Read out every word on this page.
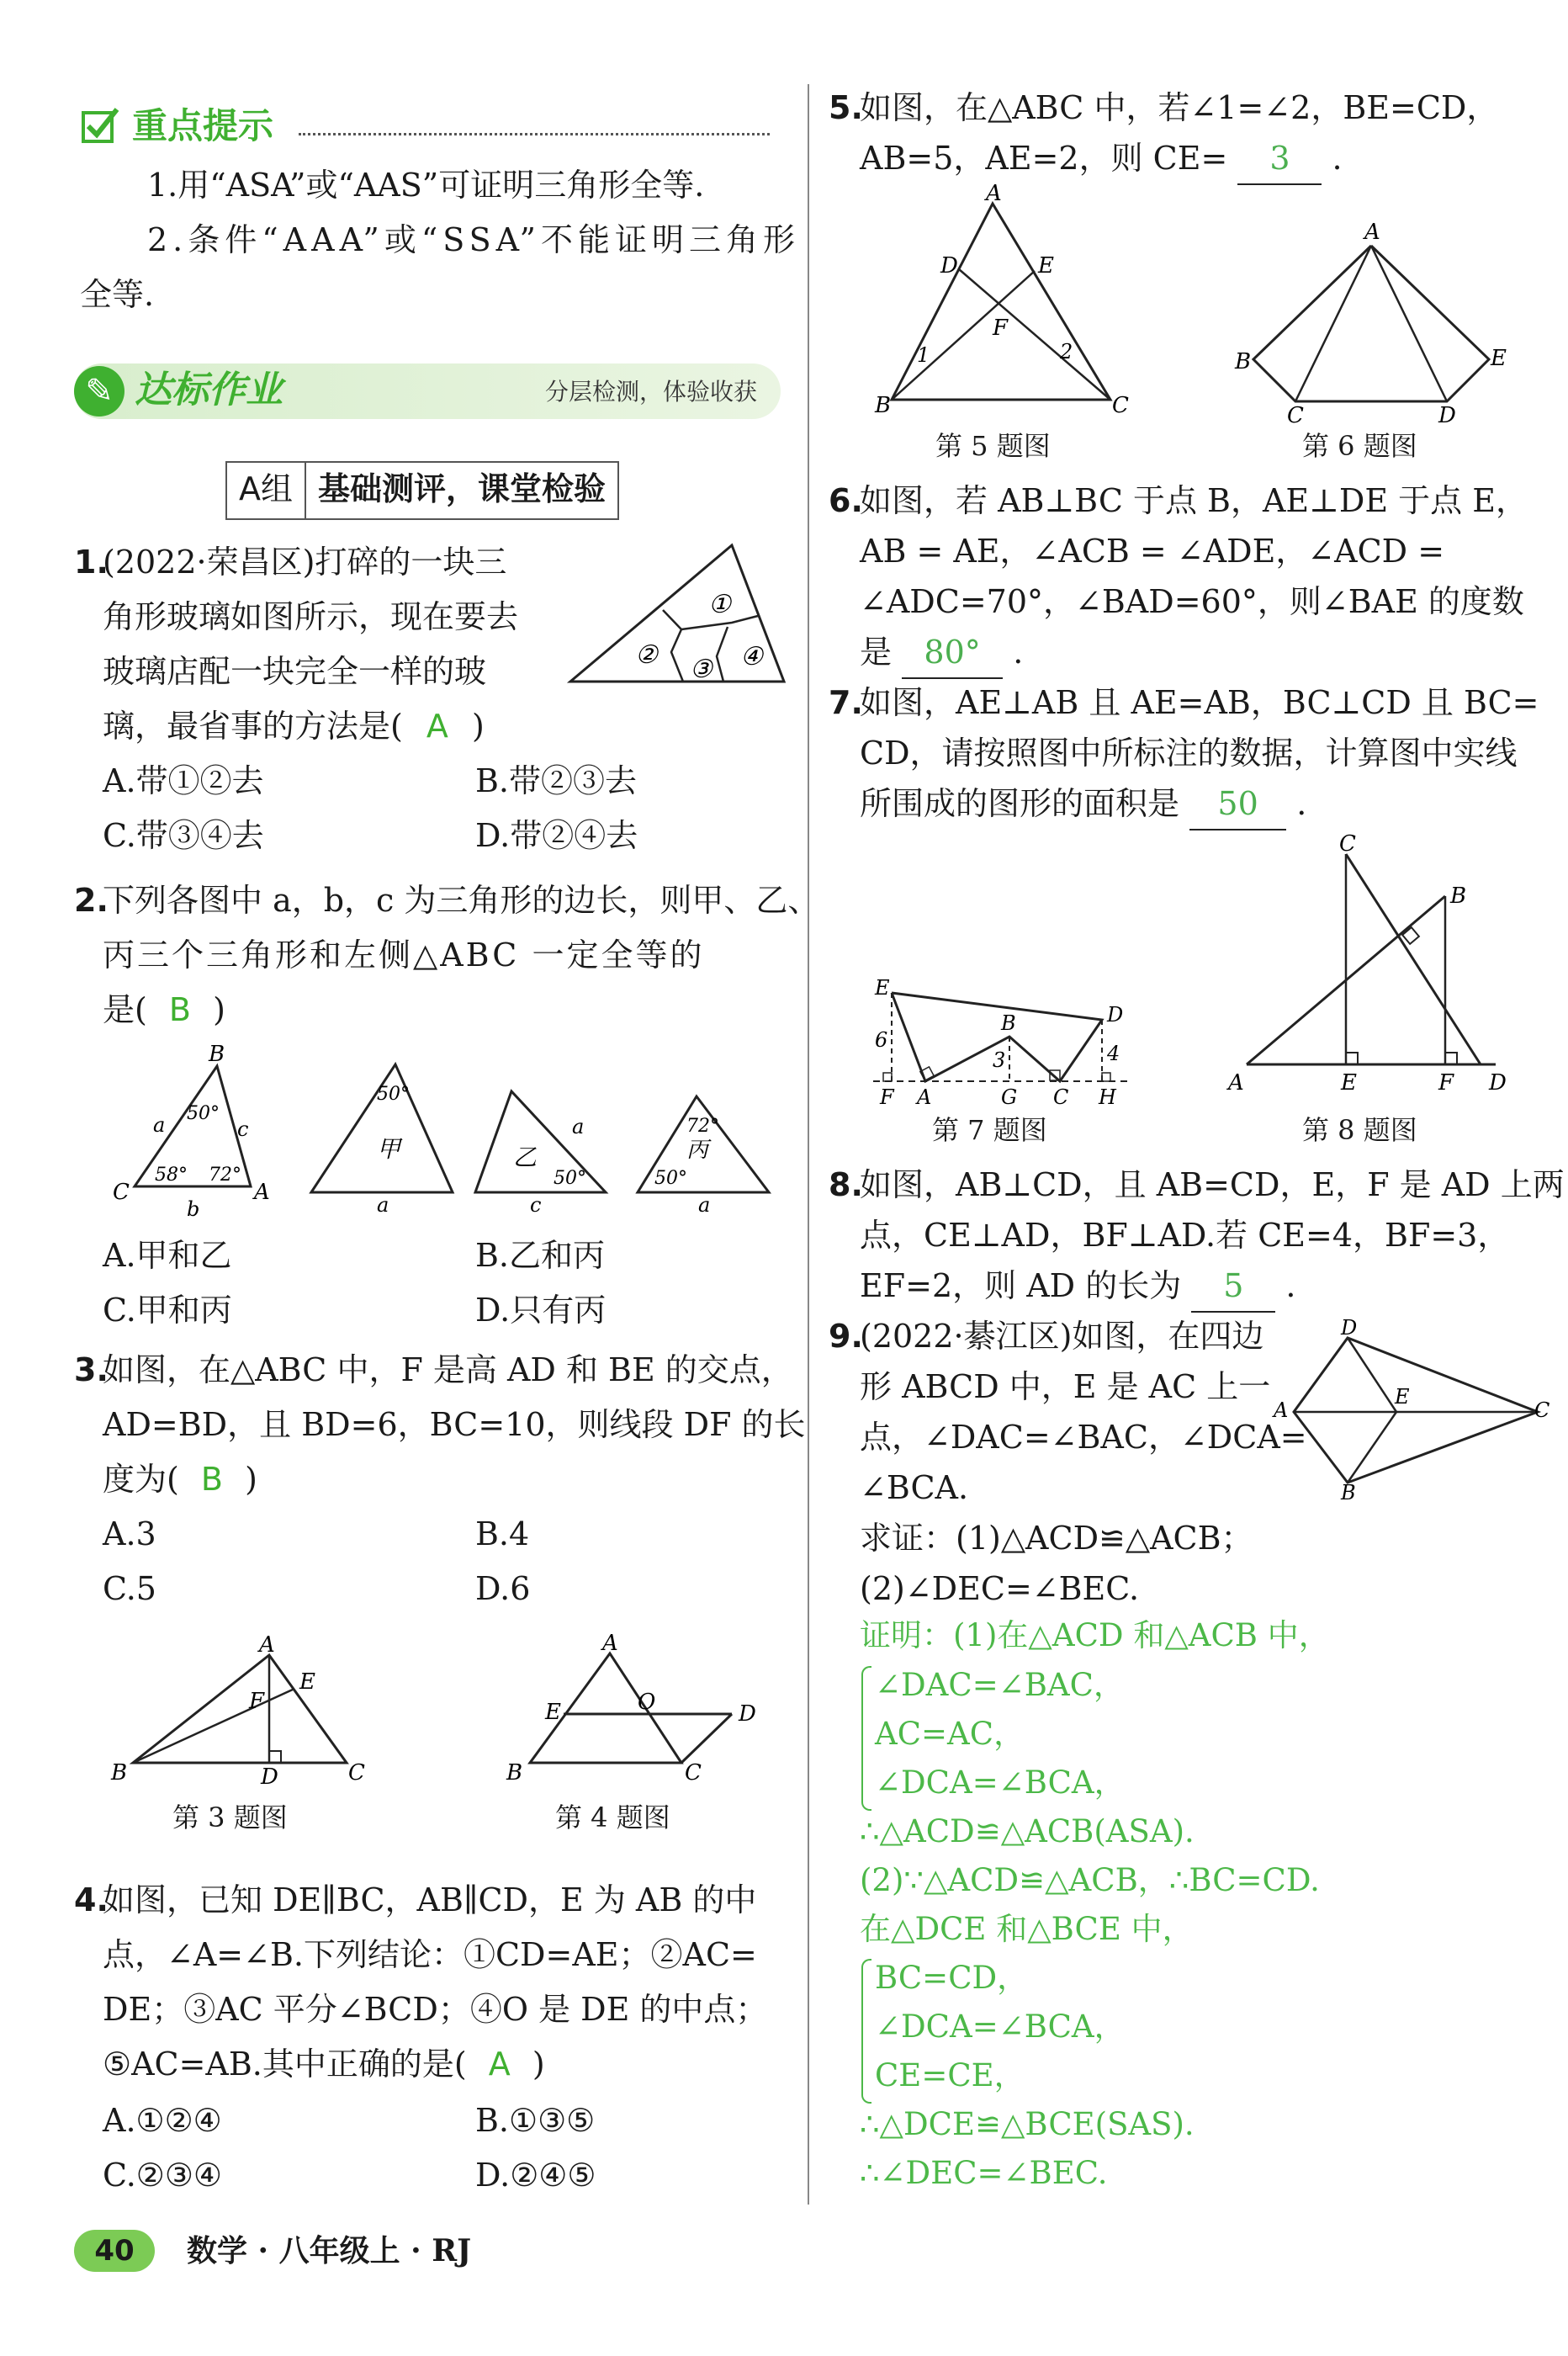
重点提示
1.用“ASA”或“AAS”可证明三角形全等.
2.条件“AAA”或“SSA”不能证明三角形
全等.
✎ 达标作业	分层检测，体验收获
A组 基础测评，课堂检验
1.
(2022·荣昌区)打碎的一块三
角形玻璃如图所示，现在要去
玻璃店配一块完全一样的玻
璃，最省事的方法是( A )
①
② ③ ④
A.带①②去	B.带②③去
C.带③④去	D.带②④去
2.
下列各图中 a，b，c 为三角形的边长，则甲、乙、
丙三个三角形和左侧△ABC 一定全等的
是( B )
B
C	A
a	c
b
50°
58° 72°
50°
甲
a
乙
50°
a
c
72°
丙
50°
a
A.甲和乙	B.乙和丙
C.甲和丙	D.只有丙
3.
如图，在△ABC 中，F 是高 AD 和 BE 的交点，
AD=BD，且 BD=6，BC=10，则线段 DF 的长
度为( B )
A.3	B.4
C.5	D.6
A
B	C
D
E
F
第 3 题图
A
B	C
D
E	O
第 4 题图
4.
如图，已知 DE∥BC，AB∥CD，E 为 AB 的中
点，∠A=∠B.下列结论：①CD=AE；②AC=
DE；③AC 平分∠BCD；④O 是 DE 的中点；
⑤AC=AB.其中正确的是( A )
A.①②④	B.①③⑤
C.②③④	D.②④⑤
5.
如图，在△ABC 中，若∠1=∠2，BE=CD，
AB=5，AE=2，则 CE= 3 .
A
B	C
D	E
F
1	2
第 5 题图
A
B
C	D
E
第 6 题图
6.
如图，若 AB⊥BC 于点 B，AE⊥DE 于点 E，
AB = AE，∠ACB = ∠ADE，∠ACD =
∠ADC=70°，∠BAD=60°，则∠BAE 的度数
是 80° .
7.
如图，AE⊥AB 且 AE=AB，BC⊥CD 且 BC=
CD，请按照图中所标注的数据，计算图中实线
所围成的图形的面积是 50 .
E
D
B
F A	G C H
6
3	4
第 7 题图
C
B
A	E	F D
第 8 题图
8.
如图，AB⊥CD，且 AB=CD，E，F 是 AD 上两
点，CE⊥AD，BF⊥AD.若 CE=4，BF=3，
EF=2，则 AD 的长为 5 .
9.
(2022·綦江区)如图，在四边
形 ABCD 中，E 是 AC 上一
点，∠DAC=∠BAC，∠DCA=
∠BCA.
D
A
E
C
B
求证：(1)△ACD≌△ACB；
(2)∠DEC=∠BEC.
证明：(1)在△ACD 和△ACB 中，
∠DAC=∠BAC，
AC=AC，
∠DCA=∠BCA，
∴△ACD≌△ACB(ASA).
(2)∵△ACD≌△ACB，∴BC=CD.
在△DCE 和△BCE 中，
BC=CD，
∠DCA=∠BCA，
CE=CE，
∴△DCE≌△BCE(SAS).
∴∠DEC=∠BEC.
40	数学 · 八年级上 · RJ
